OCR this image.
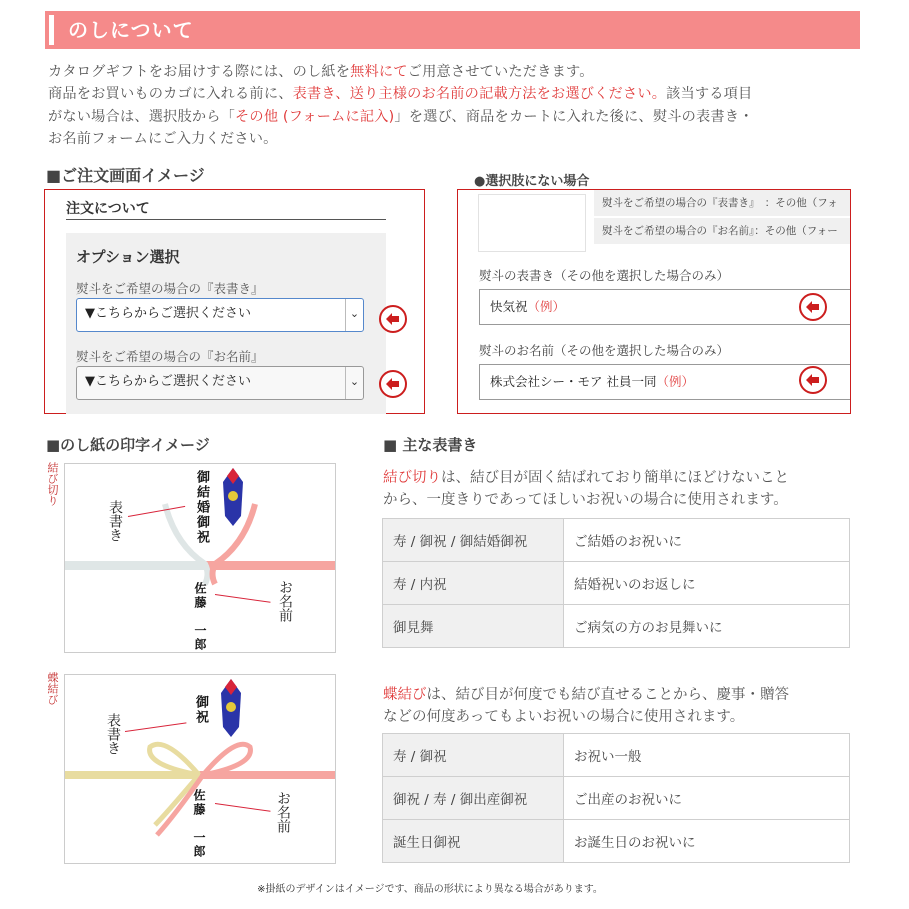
のしについて
カタログギフトをお届けする際には、のし紙を無料にてご用意させていただきます。
商品をお買いものカゴに入れる前に、表書き、送り主様のお名前の記載方法をお選びください。該当する項目
がない場合は、選択肢から「その他 (フォームに記入)」を選び、商品をカートに入れた後に、熨斗の表書き・
お名前フォームにご入力ください。
■ご注文画面イメージ
注文について
オプション選択
熨斗をご希望の場合の『表書き』
▼こちらからご選択ください	⌄
熨斗をご希望の場合の『お名前』
▼こちらからご選択ください	⌄
●選択肢にない場合
熨斗をご希望の場合の『表書き』　：その他（フォ
熨斗をご希望の場合の『お名前』：その他（フォー
熨斗の表書き（その他を選択した場合のみ）
快気祝（例）
熨斗のお名前（その他を選択した場合のみ）
株式会社シー・モア 社員一同（例）
■のし紙の印字イメージ
結び切り	御結婚御祝
佐藤　一郎
表書き
お名前
蝶結び
御祝
佐藤　一郎
表書き
お名前
■ 主な表書き
結び切りは、結び目が固く結ばれており簡単にほどけないこと
から、一度きりであってほしいお祝いの場合に使用されます。
寿 / 御祝 / 御結婚御祝	ご結婚のお祝いに
寿 / 内祝	結婚祝いのお返しに
御見舞	ご病気の方のお見舞いに
蝶結びは、結び目が何度でも結び直せることから、慶事・贈答
などの何度あってもよいお祝いの場合に使用されます。
寿 / 御祝	お祝い一般
御祝 / 寿 / 御出産御祝	ご出産のお祝いに
誕生日御祝	お誕生日のお祝いに
※掛紙のデザインはイメージです、商品の形状により異なる場合があります。
